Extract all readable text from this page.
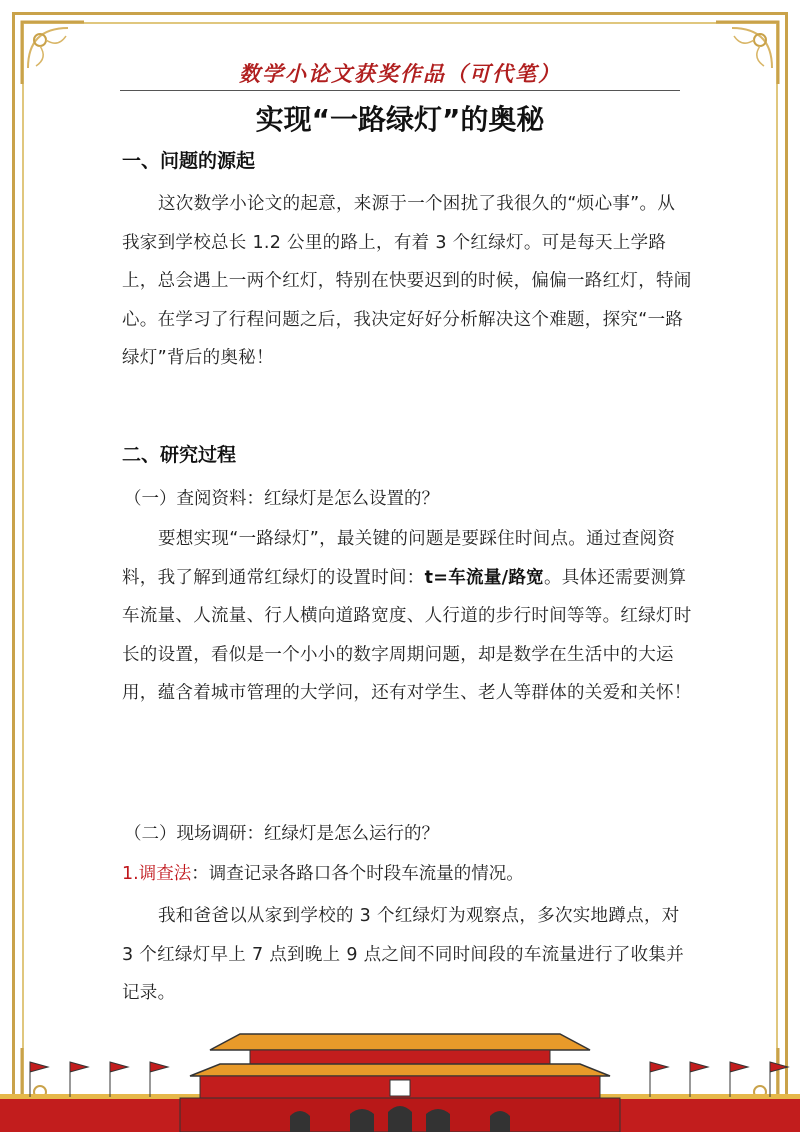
数学小论文获奖作品（可代笔）
实现“一路绿灯”的奥秘
一、问题的源起
这次数学小论文的起意，来源于一个困扰了我很久的“烦心事”。从我家到学校总长 1.2 公里的路上，有着 3 个红绿灯。可是每天上学路上，总会遇上一两个红灯，特别在快要迟到的时候，偏偏一路红灯，特闹心。在学习了行程问题之后，我决定好好分析解决这个难题，探究“一路绿灯”背后的奥秘！
二、研究过程
（一）查阅资料：红绿灯是怎么设置的？
要想实现“一路绿灯”，最关键的问题是要踩住时间点。通过查阅资料，我了解到通常红绿灯的设置时间：t=车流量/路宽。具体还需要测算车流量、人流量、行人横向道路宽度、人行道的步行时间等等。红绿灯时长的设置，看似是一个小小的数字周期问题，却是数学在生活中的大运用，蕴含着城市管理的大学问，还有对学生、老人等群体的关爱和关怀！
（二）现场调研：红绿灯是怎么运行的？
1.调查法：调查记录各路口各个时段车流量的情况。
我和爸爸以从家到学校的 3 个红绿灯为观察点，多次实地蹲点，对 3 个红绿灯早上 7 点到晚上 9 点之间不同时间段的车流量进行了收集并记录。
